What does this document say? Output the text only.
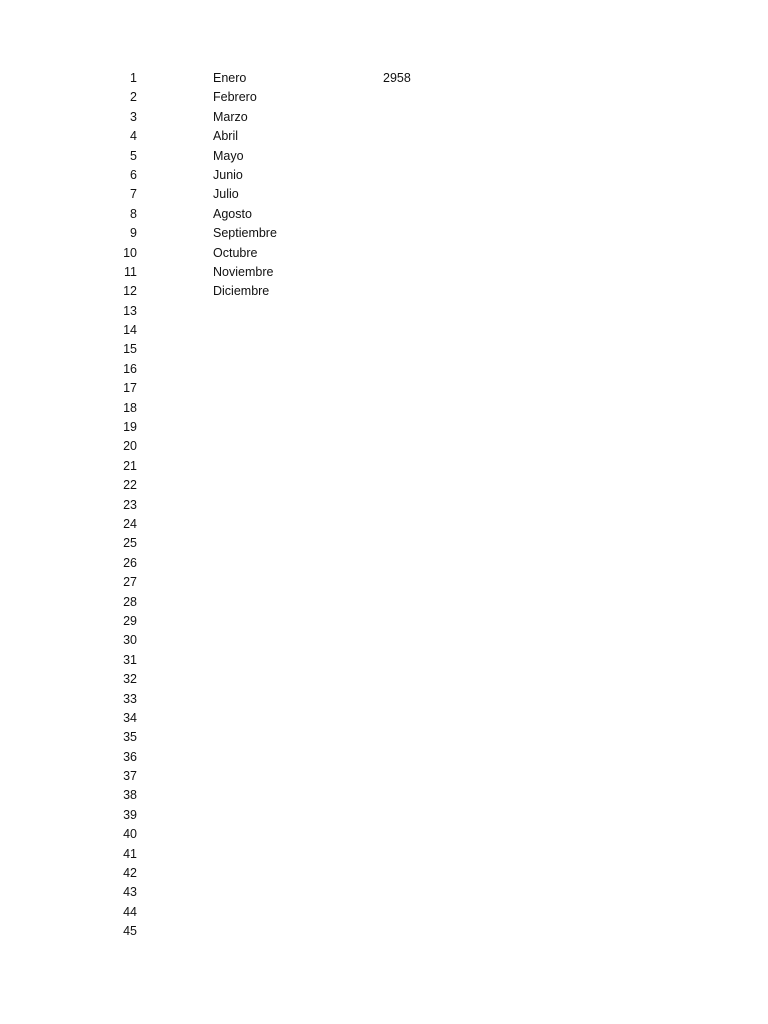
1	Enero	2958
2	Febrero
3	Marzo
4	Abril
5	Mayo
6	Junio
7	Julio
8	Agosto
9	Septiembre
10	Octubre
11	Noviembre
12	Diciembre
13
14
15
16
17
18
19
20
21
22
23
24
25
26
27
28
29
30
31
32
33
34
35
36
37
38
39
40
41
42
43
44
45
